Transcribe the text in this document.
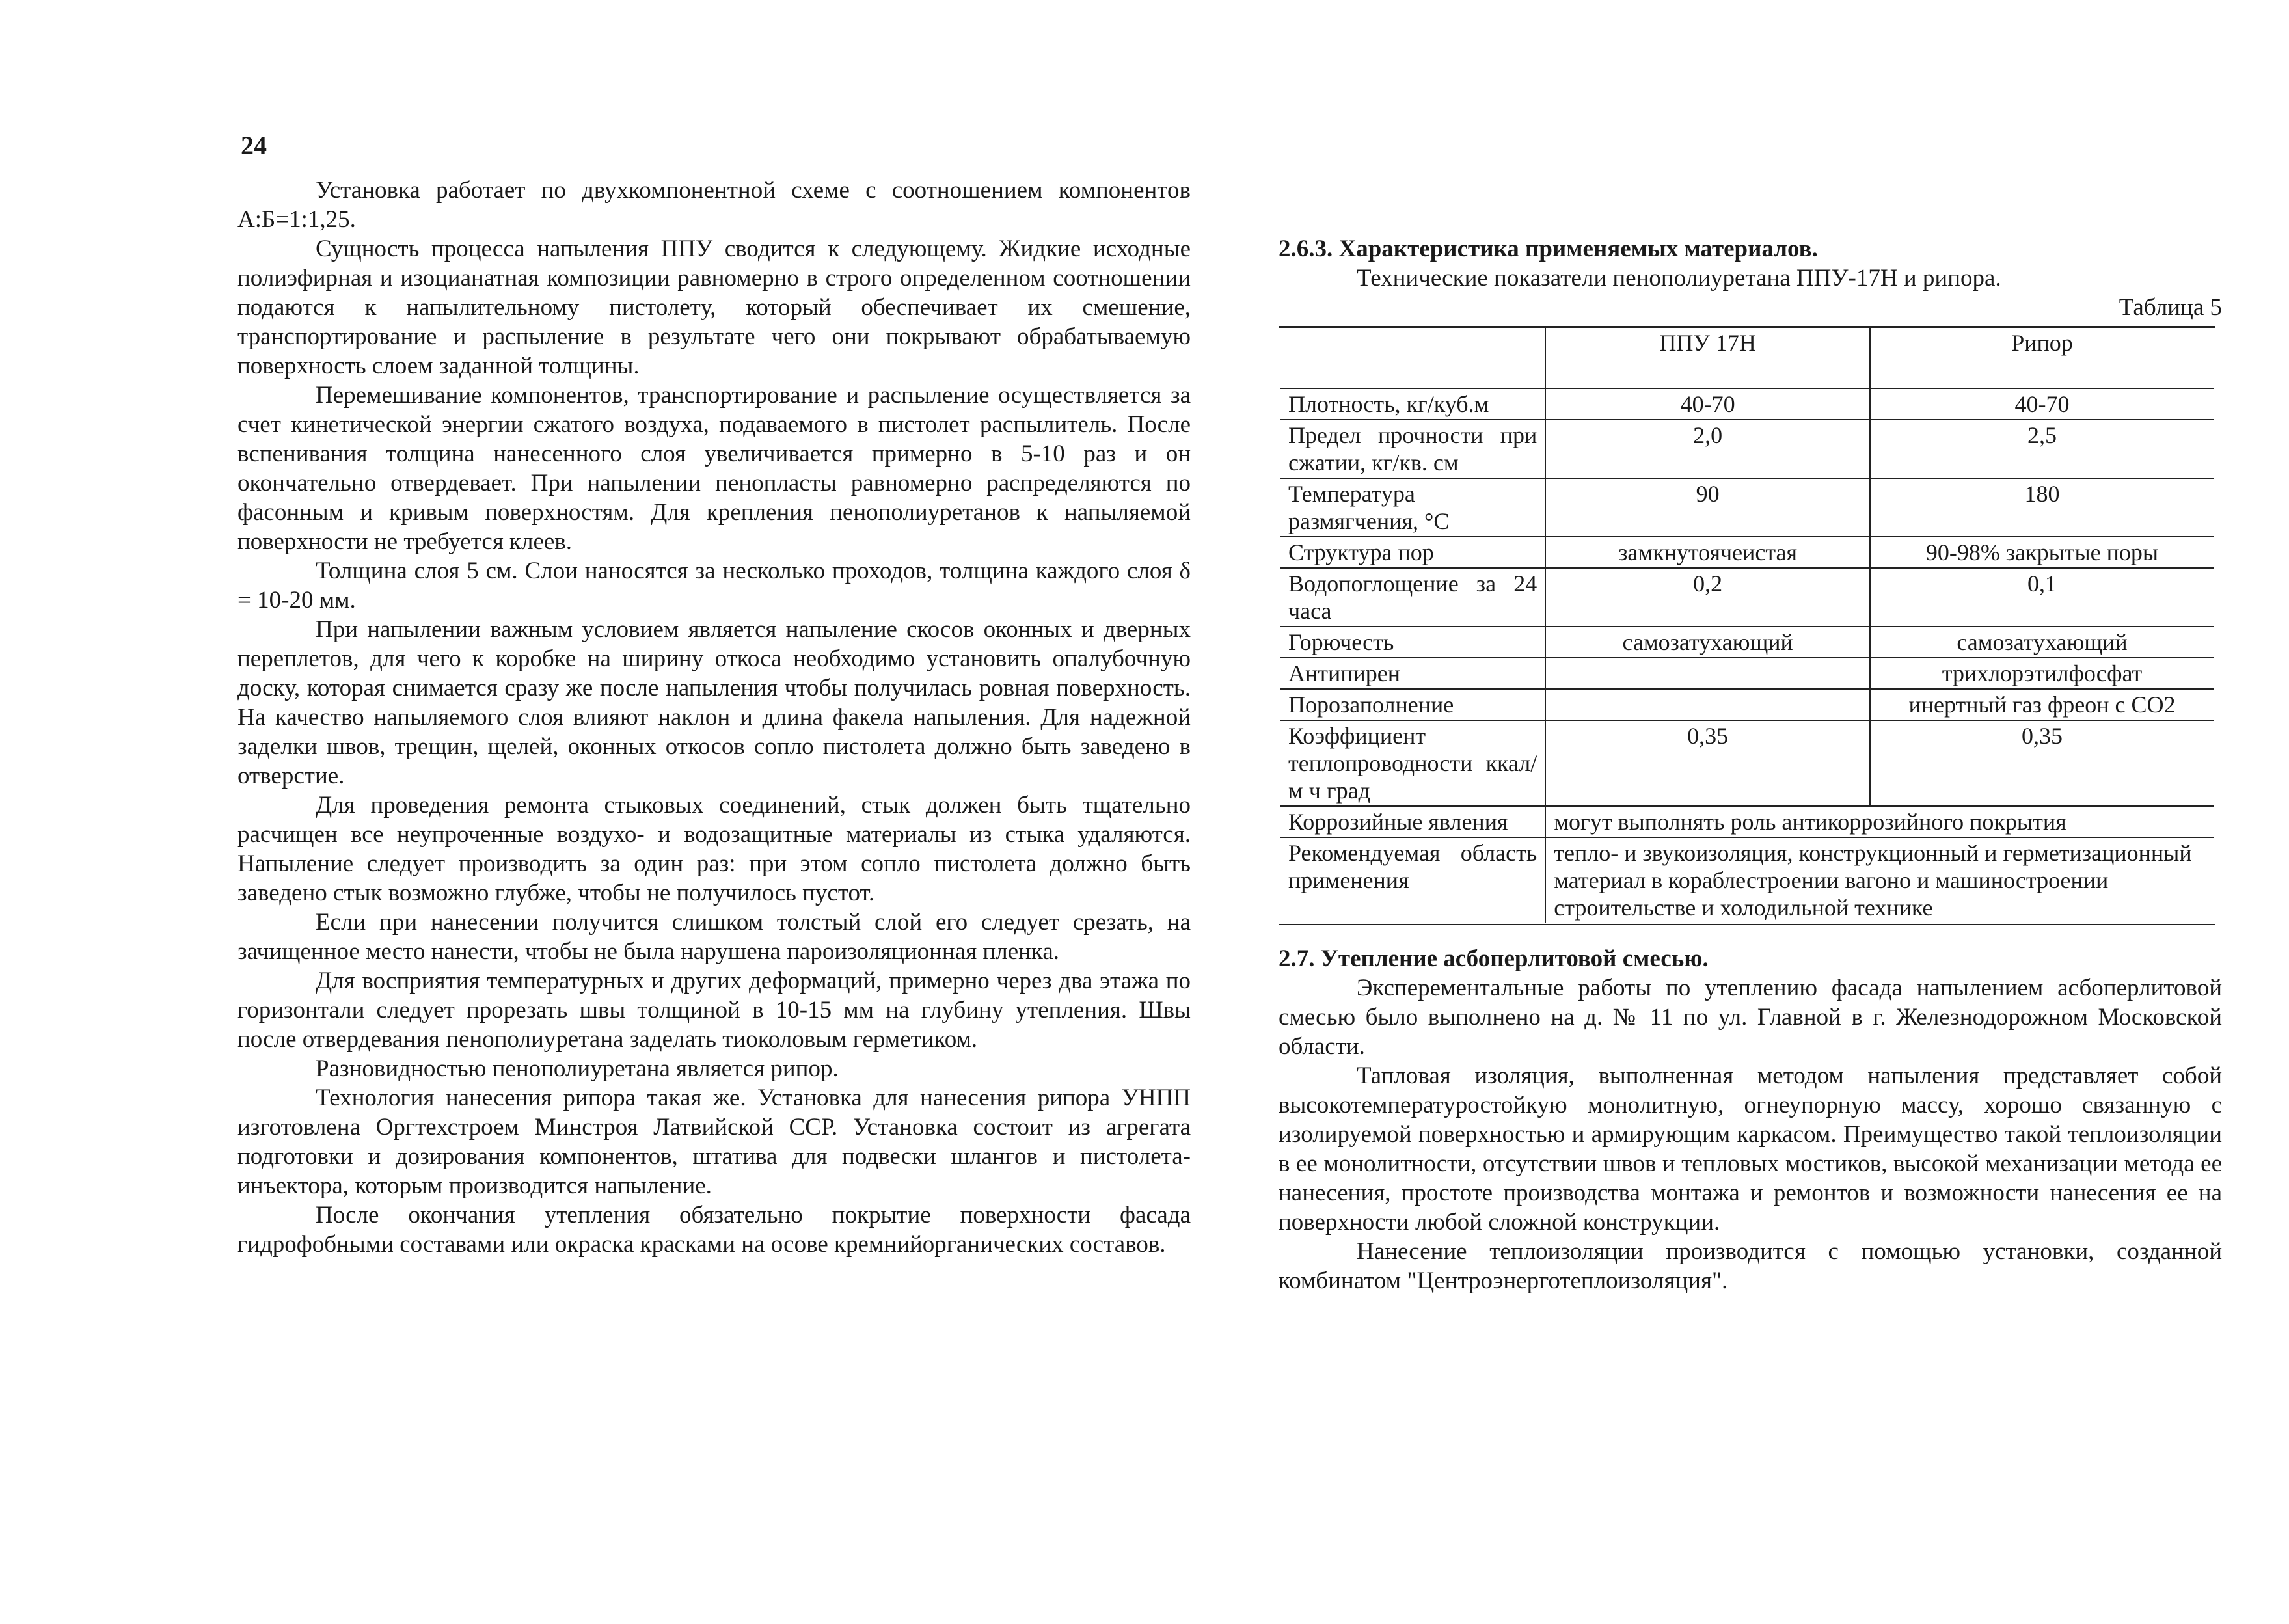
24

Установка работает по двухкомпонентной схеме с соотношением компонентов А:Б=1:1,25.

Сущность процесса напыления ППУ сводится к следующему. Жидкие исходные полиэфирная и изоцианатная композиции равномерно в строго определенном соотношении подаются к напылительному пистолету, который обеспечивает их смешение, транспортирование и распыление в результате чего они покрывают обрабатываемую поверхность слоем заданной толщины.

Перемешивание компонентов, транспортирование и распыление осуществляется за счет кинетической энергии сжатого воздуха, подаваемого в пистолет распылитель. После вспенивания толщина нанесенного слоя увеличивается примерно в 5-10 раз и он окончательно отвердевает. При напылении пенопласты равномерно распределяются по фасонным и кривым поверхностям. Для крепления пенополиуретанов к напыляемой поверхности не требуется клеев.

Толщина слоя 5 см. Слои наносятся за несколько проходов, толщина каждого слоя δ = 10-20 мм.

При напылении важным условием является напыление скосов оконных и дверных переплетов, для чего к коробке на ширину откоса необходимо установить опалубочную доску, которая снимается сразу же после напыления чтобы получилась ровная поверхность. На качество напыляемого слоя влияют наклон и длина факела напыления. Для надежной заделки швов, трещин, щелей, оконных откосов сопло пистолета должно быть заведено в отверстие.

Для проведения ремонта стыковых соединений, стык должен быть тщательно расчищен все неупроченные воздухо- и водозащитные материалы из стыка удаляются. Напыление следует производить за один раз: при этом сопло пистолета должно быть заведено стык возможно глубже, чтобы не получилось пустот.

Если при нанесении получится слишком толстый слой его следует срезать, на зачищенное место нанести, чтобы не была нарушена пароизоляционная пленка.

Для восприятия температурных и других деформаций, примерно через два этажа по горизонтали следует прорезать швы толщиной в 10-15 мм на глубину утепления. Швы после отвердевания пенополиуретана заделать тиоколовым герметиком.

Разновидностью пенополиуретана является рипор.

Технология нанесения рипора такая же. Установка для нанесения рипора УНПП изготовлена Оргтехстроем Минстроя Латвийской ССР. Установка состоит из агрегата подготовки и дозирования компонентов, штатива для подвески шлангов и пистолета-инъектора, которым производится напыление.

После окончания утепления обязательно покрытие поверхности фасада гидрофобными составами или окраска красками на осове кремнийорганических составов.

2.6.3. Характеристика применяемых материалов.
Технические показатели пенополиуретана ППУ-17Н и рипора.
Таблица 5
	ППУ 17Н	Рипор
Плотность, кг/куб.м	40-70	40-70
Предел прочности при сжатии, кг/кв. см	2,0	2,5
Температура размягчения, °С	90	180
Структура пор	замкнутоячеистая	90-98% закрытые поры
Водопоглощение за 24 часа	0,2	0,1
Горючесть	самозатухающий	самозатухающий
Антипирен		трихлорэтилфосфат
Порозаполнение		инертный газ фреон с СО2
Коэффициент теплопроводности ккал/м ч град	0,35	0,35
Коррозийные явления	могут выполнять роль антикоррозийного покрытия	
Рекомендуемая область применения	тепло- и звукоизоляция, конструкционный и герметизационный материал в кораблестроении вагоно и машиностроении строительстве и холодильной технике	
2.7. Утепление асбоперлитовой смесью.

Эксперементальные работы по утеплению фасада напылением асбоперлитовой смесью было выполнено на д. № 11 по ул. Главной в г. Железнодорожном Московской области.

Тапловая изоляция, выполненная методом напыления представляет собой высокотемпературостойкую монолитную, огнеупорную массу, хорошо связанную с изолируемой поверхностью и армирующим каркасом. Преимущество такой теплоизоляции в ее монолитности, отсутствии швов и тепловых мостиков, высокой механизации метода ее нанесения, простоте производства монтажа и ремонтов и возможности нанесения ее на поверхности любой сложной конструкции.

Нанесение теплоизоляции производится с помощью установки, созданной комбинатом "Центроэнерготеплоизоляция".
